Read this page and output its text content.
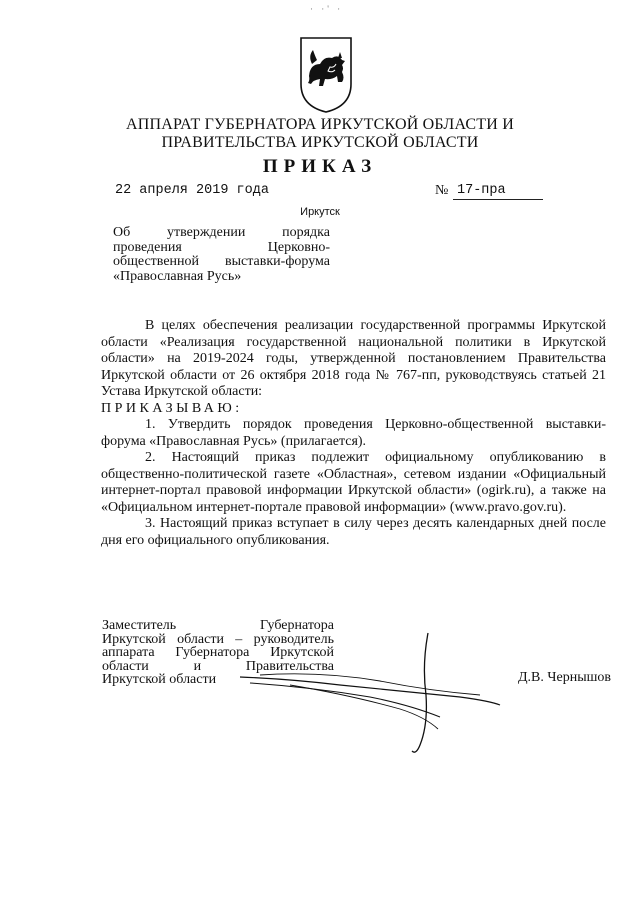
· ·' ·
АППАРАТ ГУБЕРНАТОРА ИРКУТСКОЙ ОБЛАСТИ И
ПРАВИТЕЛЬСТВА ИРКУТСКОЙ ОБЛАСТИ
ПРИКАЗ
22 апреля 2019 года	№ 17-пра
Иркутск
Об утверждении порядка проведения Церковно-общественной выставки-форума «Православная Русь»

В целях обеспечения реализации государственной программы Иркутской области «Реализация государственной национальной политики в Иркутской области» на 2019-2024 годы, утвержденной постановлением Правительства Иркутской области от 26 октября 2018 года № 767-пп, руководствуясь статьей 21 Устава Иркутской области:

ПРИКАЗЫВАЮ:

1. Утвердить порядок проведения Церковно-общественной выставки-форума «Православная Русь» (прилагается).

2. Настоящий приказ подлежит официальному опубликованию в общественно-политической газете «Областная», сетевом издании «Официальный интернет-портал правовой информации Иркутской области» (ogirk.ru), а также на «Официальном интернет-портале правовой информации» (www.pravo.gov.ru).

3. Настоящий приказ вступает в силу через десять календарных дней после дня его официального опубликования.

Заместитель Губернатора
Иркутской области – руководитель
аппарата Губернатора Иркутской
области и Правительства
Иркутской области	Д.В. Чернышов
